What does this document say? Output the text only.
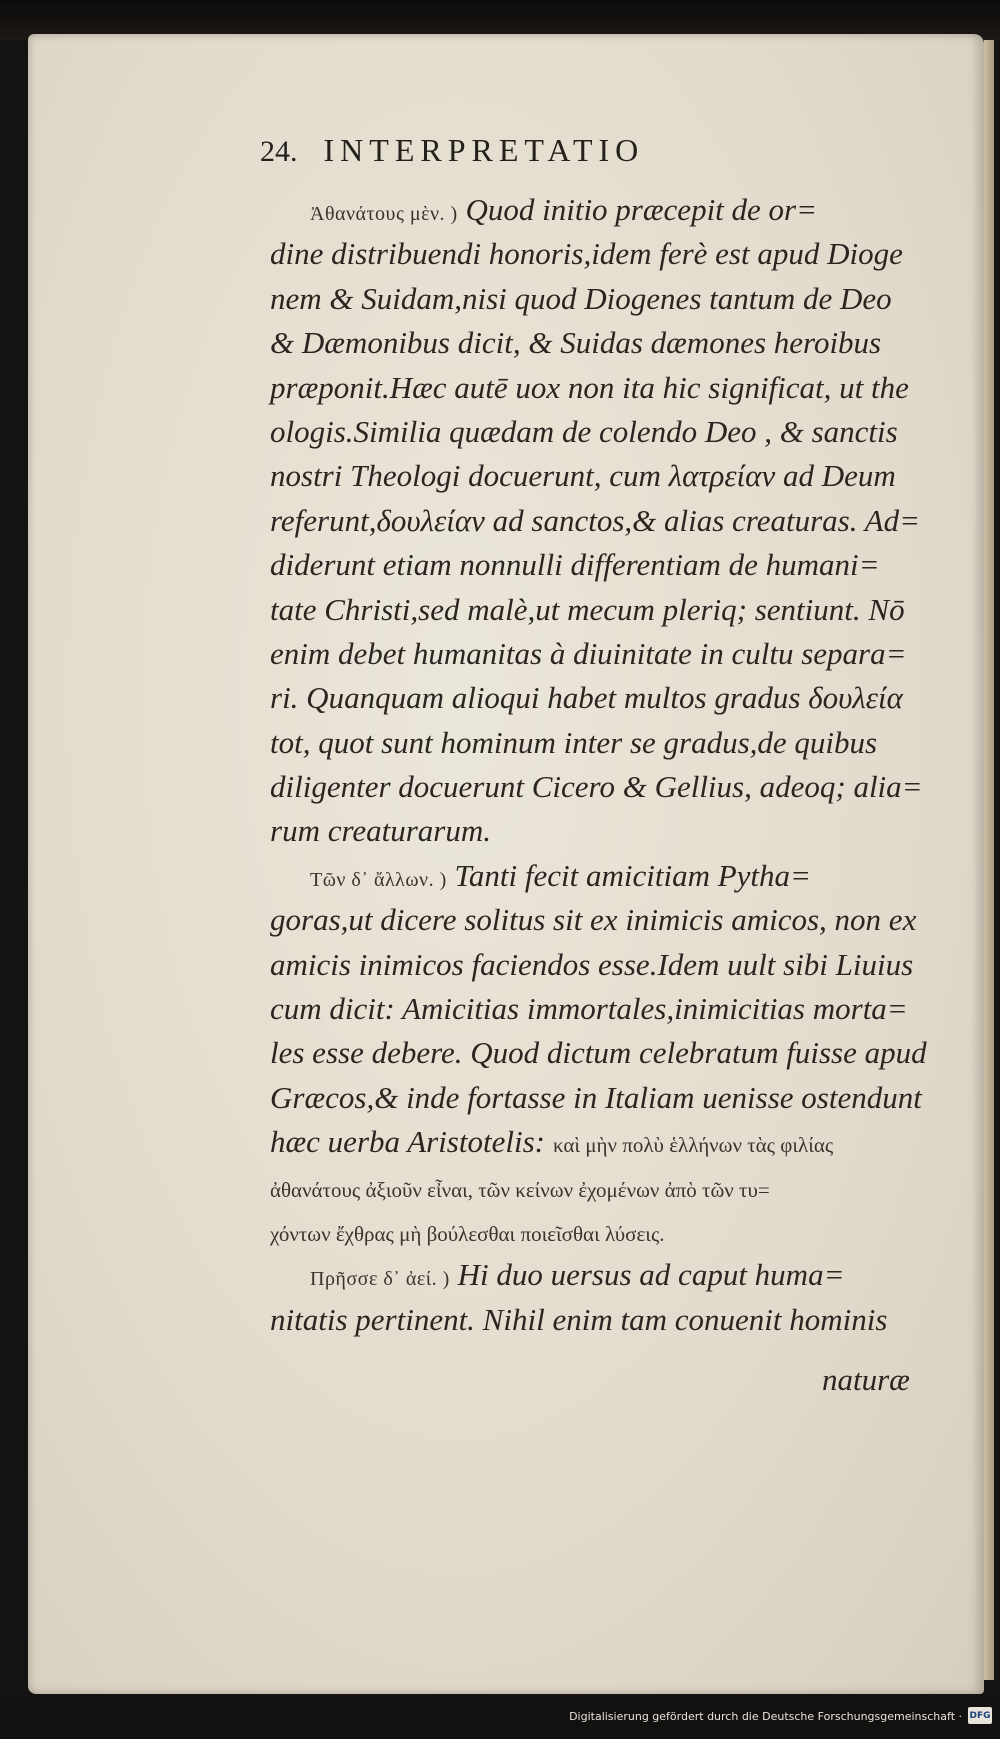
24. INTERPRETATIO
Ἀθανάτους μὲν. ) Quod initio præcepit de or=
dine distribuendi honoris,idem ferè est apud Dioge
nem & Suidam,nisi quod Diogenes tantum de Deo
& Dæmonibus dicit, & Suidas dæmones heroibus
præponit.Hæc autē uox non ita hic significat, ut the
ologis.Similia quædam de colendo Deo , & sanctis
nostri Theologi docuerunt, cum λατρείαν ad Deum
referunt,δουλείαν ad sanctos,& alias creaturas. Ad=
diderunt etiam nonnulli differentiam de humani=
tate Christi,sed malè,ut mecum pleriq; sentiunt. Nō
enim debet humanitas à diuinitate in cultu separa=
ri. Quanquam alioqui habet multos gradus δουλεία
tot, quot sunt hominum inter se gradus,de quibus
diligenter docuerunt Cicero & Gellius, adeoq; alia=
rum creaturarum.
Τῶν δ᾽ ἄλλων. ) Tanti fecit amicitiam Pytha=
goras,ut dicere solitus sit ex inimicis amicos, non ex
amicis inimicos faciendos esse.Idem uult sibi Liuius
cum dicit: Amicitias immortales,inimicitias morta=
les esse debere. Quod dictum celebratum fuisse apud
Græcos,& inde fortasse in Italiam uenisse ostendunt
hæc uerba Aristotelis: καὶ μὴν πολὺ ἑλλήνων τὰς φιλίας
ἀθανάτους ἀξιοῦν εἶναι, τῶν κείνων ἐχομένων ἀπὸ τῶν τυ=
χόντων ἔχθρας μὴ βούλεσθαι ποιεῖσθαι λύσεις.
Πρῆσσε δ᾽ ἀεί. ) Hi duo uersus ad caput huma=
nitatis pertinent. Nihil enim tam conuenit hominis
naturæ
Digitalisierung gefördert durch die Deutsche Forschungsgemeinschaft · DFG
